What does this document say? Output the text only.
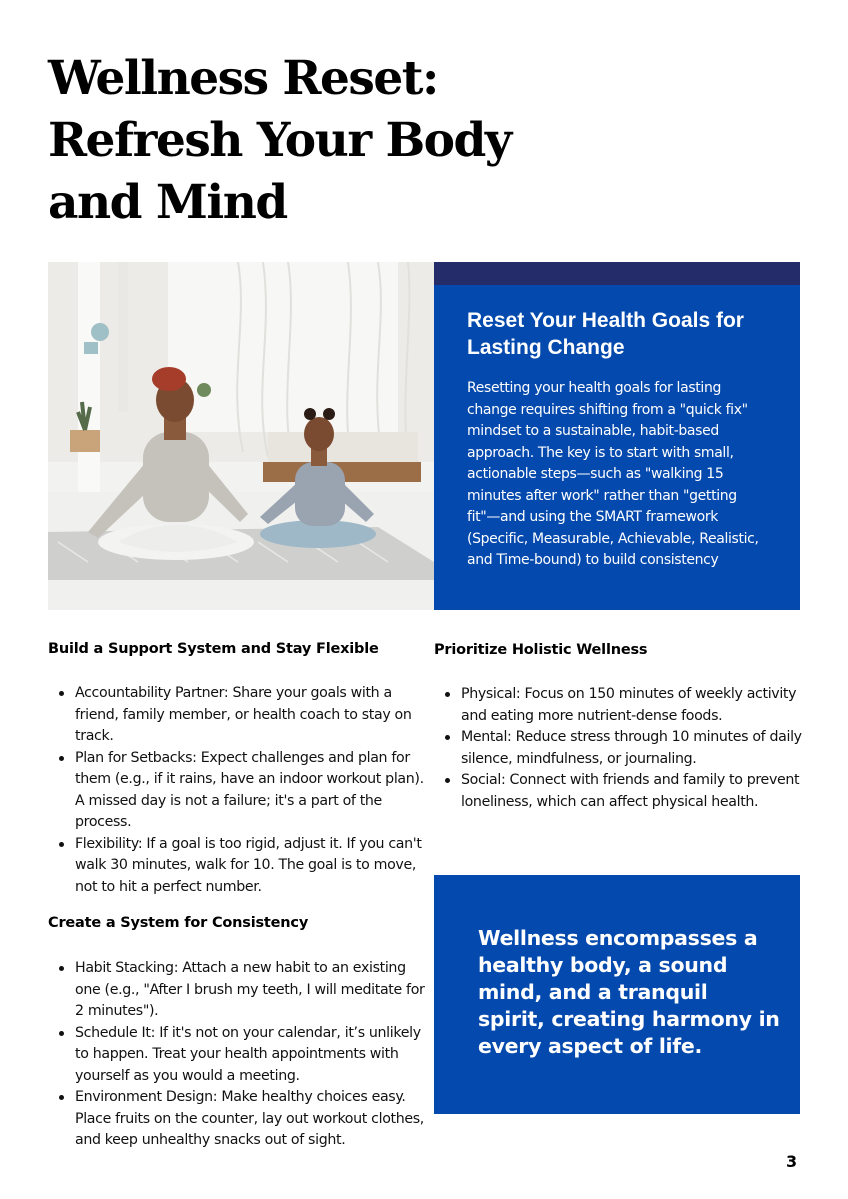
Wellness Reset: Refresh Your Body and Mind
Reset Your Health Goals for Lasting Change

Resetting your health goals for lasting change requires shifting from a "quick fix" mindset to a sustainable, habit-based approach. The key is to start with small, actionable steps—such as "walking 15 minutes after work" rather than "getting fit"—and using the SMART framework (Specific, Measurable, Achievable, Realistic, and Time-bound) to build consistency

Build a Support System and Stay Flexible
Accountability Partner: Share your goals with a friend, family member, or health coach to stay on track.
Plan for Setbacks: Expect challenges and plan for them (e.g., if it rains, have an indoor workout plan). A missed day is not a failure; it's a part of the process.
Flexibility: If a goal is too rigid, adjust it. If you can't walk 30 minutes, walk for 10. The goal is to move, not to hit a perfect number.
Create a System for Consistency
Habit Stacking: Attach a new habit to an existing one (e.g., "After I brush my teeth, I will meditate for 2 minutes").
Schedule It: If it's not on your calendar, it’s unlikely to happen. Treat your health appointments with yourself as you would a meeting.
Environment Design: Make healthy choices easy. Place fruits on the counter, lay out workout clothes, and keep unhealthy snacks out of sight.
Prioritize Holistic Wellness
Physical: Focus on 150 minutes of weekly activity and eating more nutrient-dense foods.
Mental: Reduce stress through 10 minutes of daily silence, mindfulness, or journaling.
Social: Connect with friends and family to prevent loneliness, which can affect physical health.

Wellness encompasses a healthy body, a sound mind, and a tranquil spirit, creating harmony in every aspect of life.

3
